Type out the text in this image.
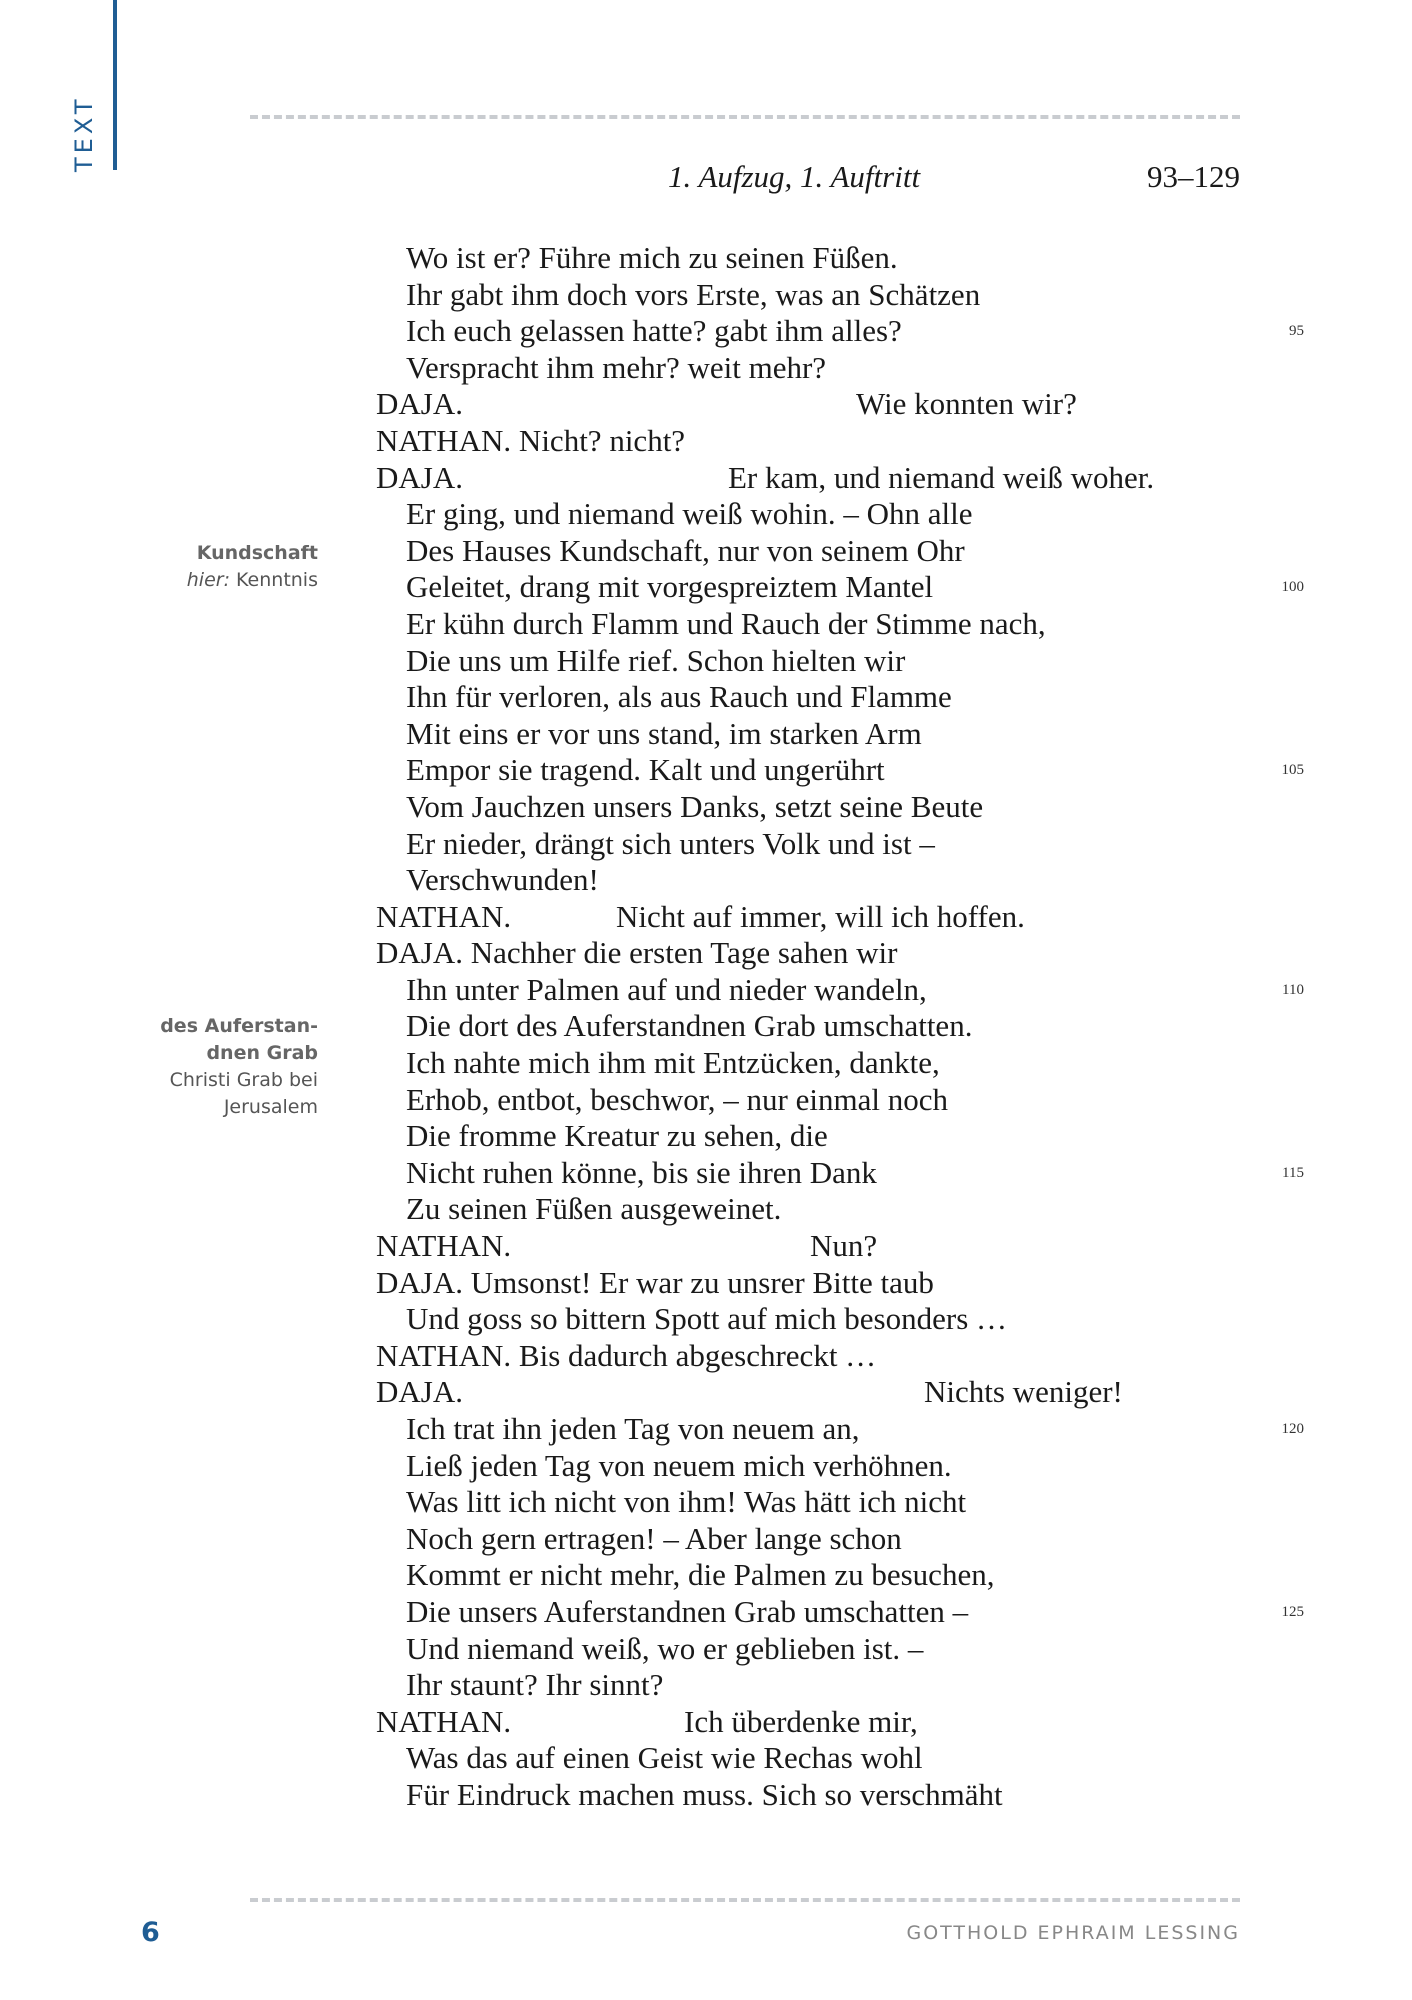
TEXT
1. Aufzug, 1. Auftritt	93–129
Kundschaft
hier: Kenntnis
des Auferstan-
dnen Grab
Christi Grab bei
Jerusalem
Wo ist er? Führe mich zu seinen Füßen.
Ihr gabt ihm doch vors Erste, was an Schätzen
Ich euch gelassen hatte? gabt ihm alles?	95
Verspracht ihm mehr? weit mehr?
DAJA.	Wie konnten wir?
NATHAN. Nicht? nicht?
DAJA.	Er kam, und niemand weiß woher.
Er ging, und niemand weiß wohin. – Ohn alle
Des Hauses Kundschaft, nur von seinem Ohr
Geleitet, drang mit vorgespreiztem Mantel	100
Er kühn durch Flamm und Rauch der Stimme nach,
Die uns um Hilfe rief. Schon hielten wir
Ihn für verloren, als aus Rauch und Flamme
Mit eins er vor uns stand, im starken Arm
Empor sie tragend. Kalt und ungerührt	105
Vom Jauchzen unsers Danks, setzt seine Beute
Er nieder, drängt sich unters Volk und ist –
Verschwunden!
NATHAN.	Nicht auf immer, will ich hoffen.
DAJA. Nachher die ersten Tage sahen wir
Ihn unter Palmen auf und nieder wandeln,	110
Die dort des Auferstandnen Grab umschatten.
Ich nahte mich ihm mit Entzücken, dankte,
Erhob, entbot, beschwor, – nur einmal noch
Die fromme Kreatur zu sehen, die
Nicht ruhen könne, bis sie ihren Dank	115
Zu seinen Füßen ausgeweinet.
NATHAN.	Nun?
DAJA. Umsonst! Er war zu unsrer Bitte taub
Und goss so bittern Spott auf mich besonders …
NATHAN. Bis dadurch abgeschreckt …
DAJA.	Nichts weniger!
Ich trat ihn jeden Tag von neuem an,	120
Ließ jeden Tag von neuem mich verhöhnen.
Was litt ich nicht von ihm! Was hätt ich nicht
Noch gern ertragen! – Aber lange schon
Kommt er nicht mehr, die Palmen zu besuchen,
Die unsers Auferstandnen Grab umschatten –	125
Und niemand weiß, wo er geblieben ist. –
Ihr staunt? Ihr sinnt?
NATHAN.	Ich überdenke mir,
Was das auf einen Geist wie Rechas wohl
Für Eindruck machen muss. Sich so verschmäht
6	GOTTHOLD EPHRAIM LESSING
